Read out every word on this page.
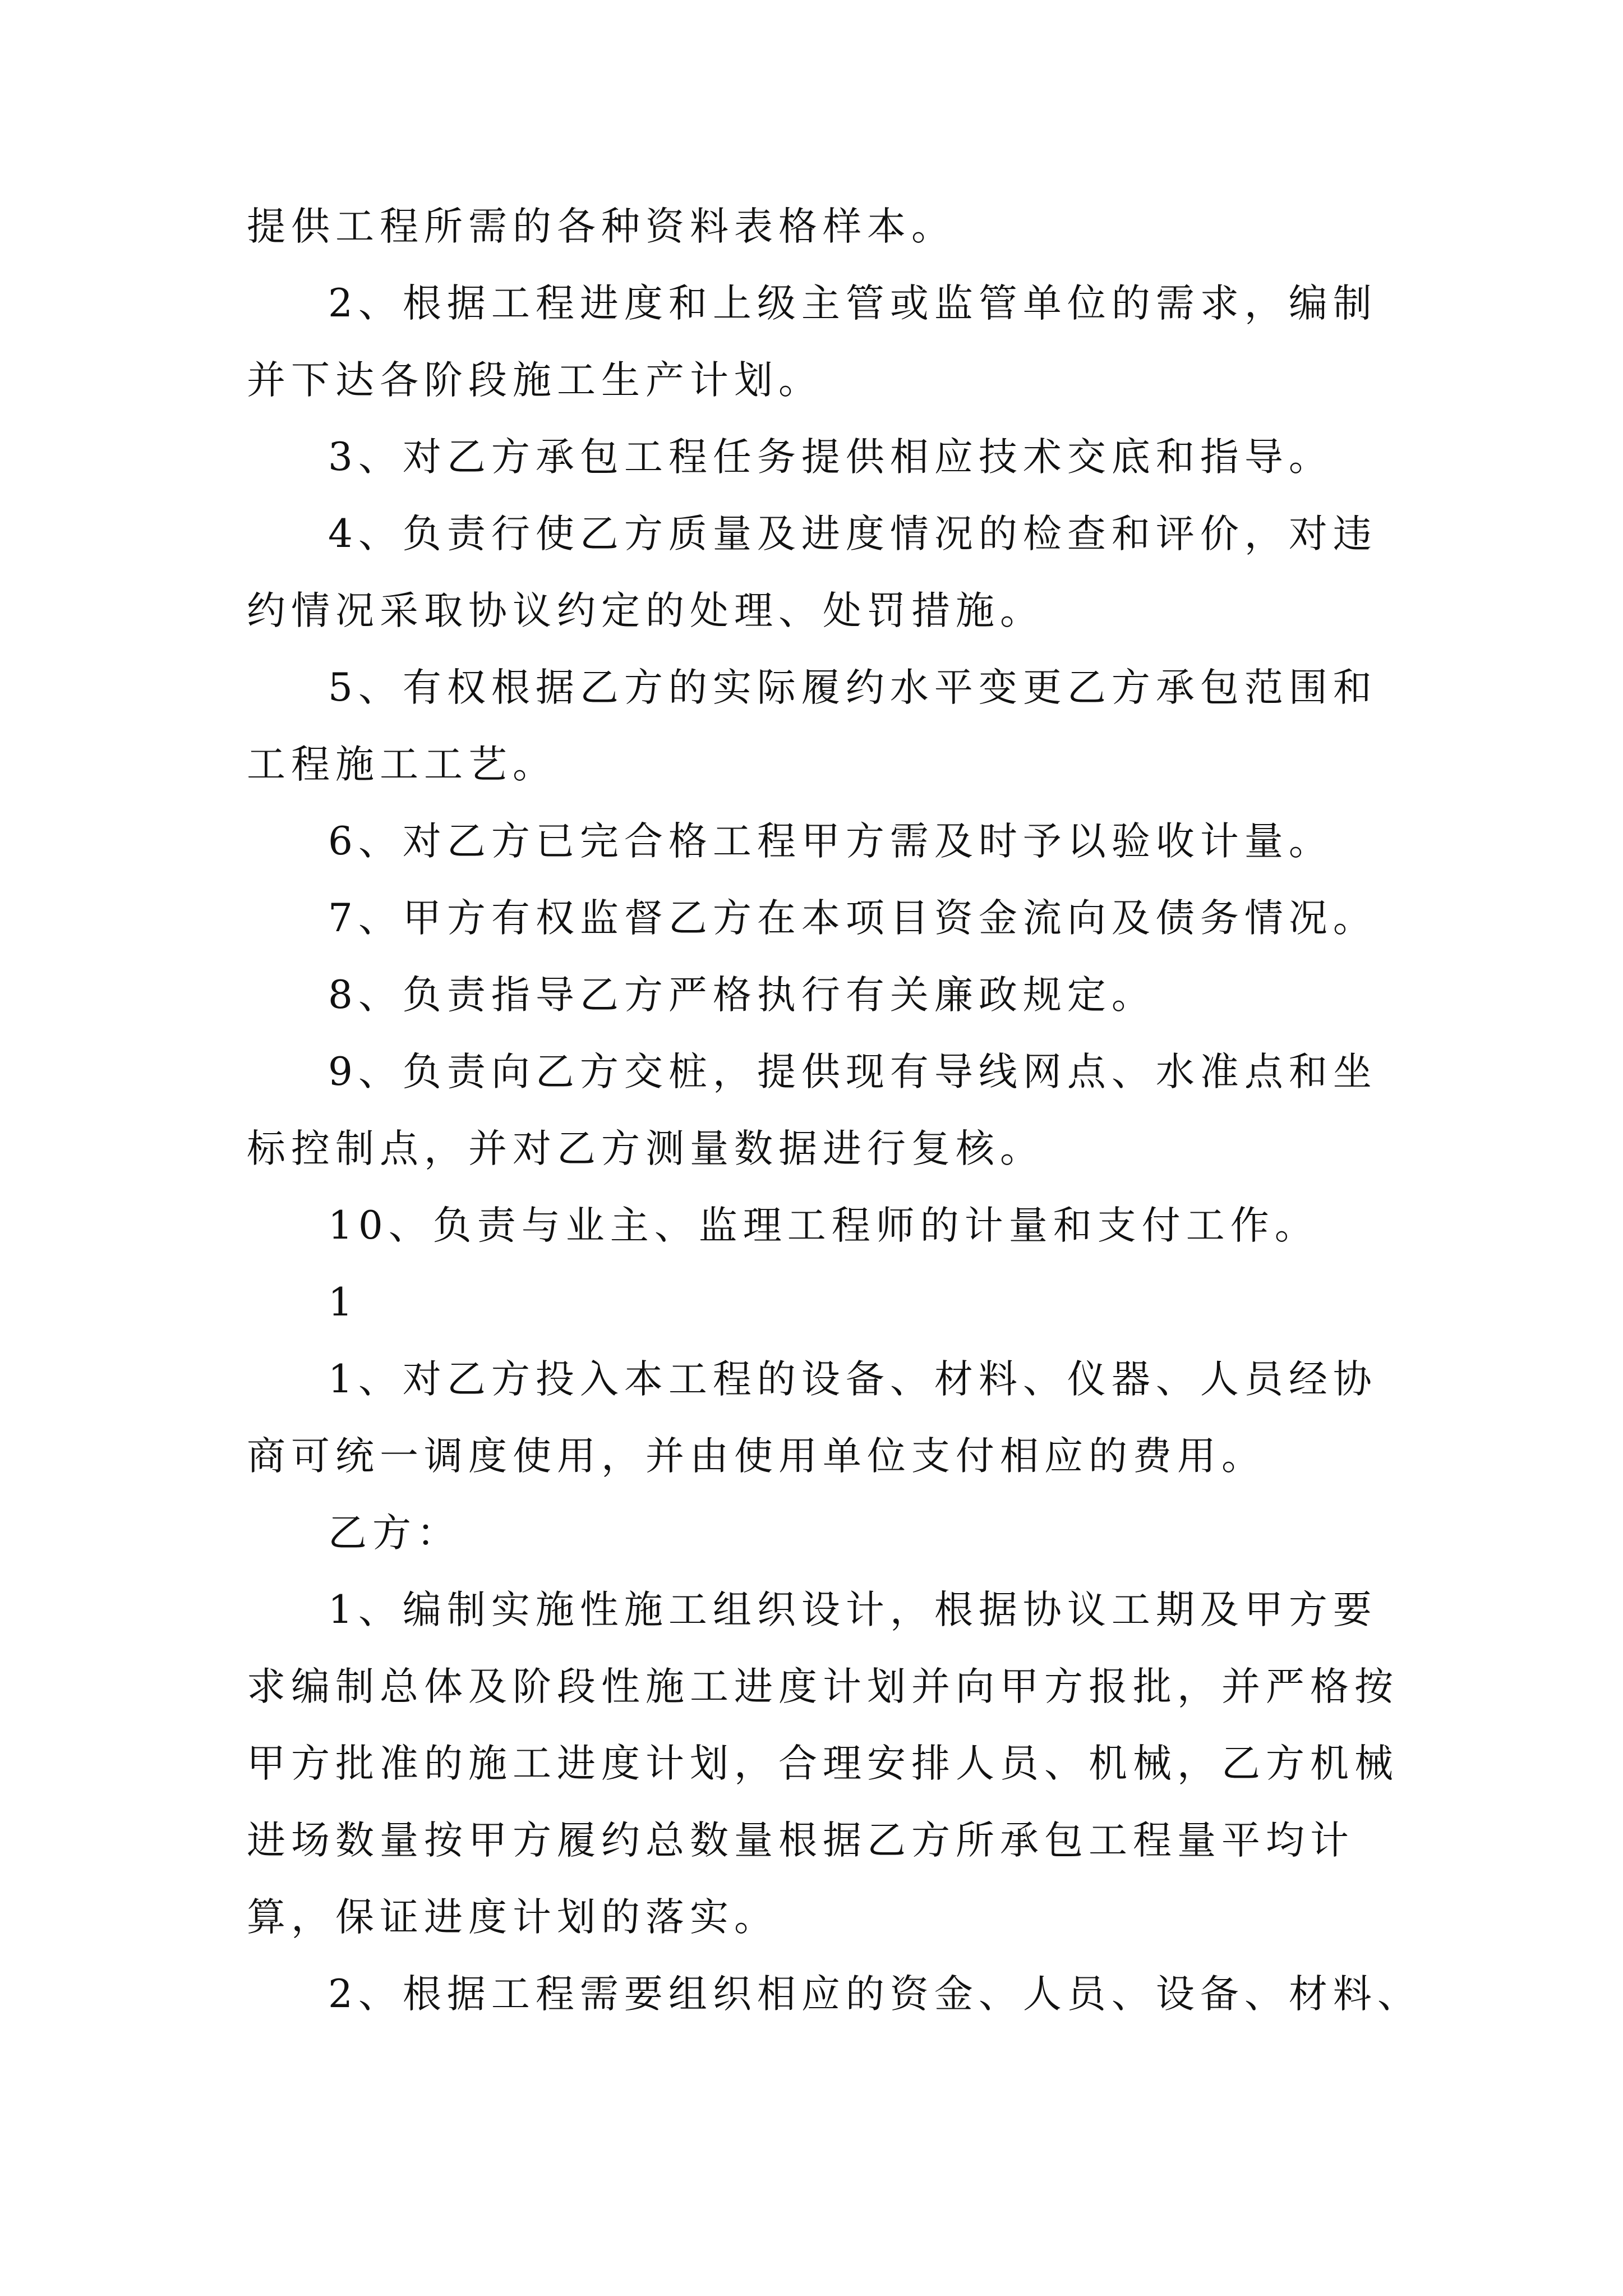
提供工程所需的各种资料表格样本。
2、根据工程进度和上级主管或监管单位的需求，编制
并下达各阶段施工生产计划。
3、对乙方承包工程任务提供相应技术交底和指导。
4、负责行使乙方质量及进度情况的检查和评价，对违
约情况采取协议约定的处理、处罚措施。
5、有权根据乙方的实际履约水平变更乙方承包范围和
工程施工工艺。
6、对乙方已完合格工程甲方需及时予以验收计量。
7、甲方有权监督乙方在本项目资金流向及债务情况。
8、负责指导乙方严格执行有关廉政规定。
9、负责向乙方交桩，提供现有导线网点、水准点和坐
标控制点，并对乙方测量数据进行复核。
10、负责与业主、监理工程师的计量和支付工作。
1
1、对乙方投入本工程的设备、材料、仪器、人员经协
商可统一调度使用，并由使用单位支付相应的费用。
乙方：
1、编制实施性施工组织设计，根据协议工期及甲方要
求编制总体及阶段性施工进度计划并向甲方报批，并严格按
甲方批准的施工进度计划，合理安排人员、机械，乙方机械
进场数量按甲方履约总数量根据乙方所承包工程量平均计
算，保证进度计划的落实。
2、根据工程需要组织相应的资金、人员、设备、材料、
